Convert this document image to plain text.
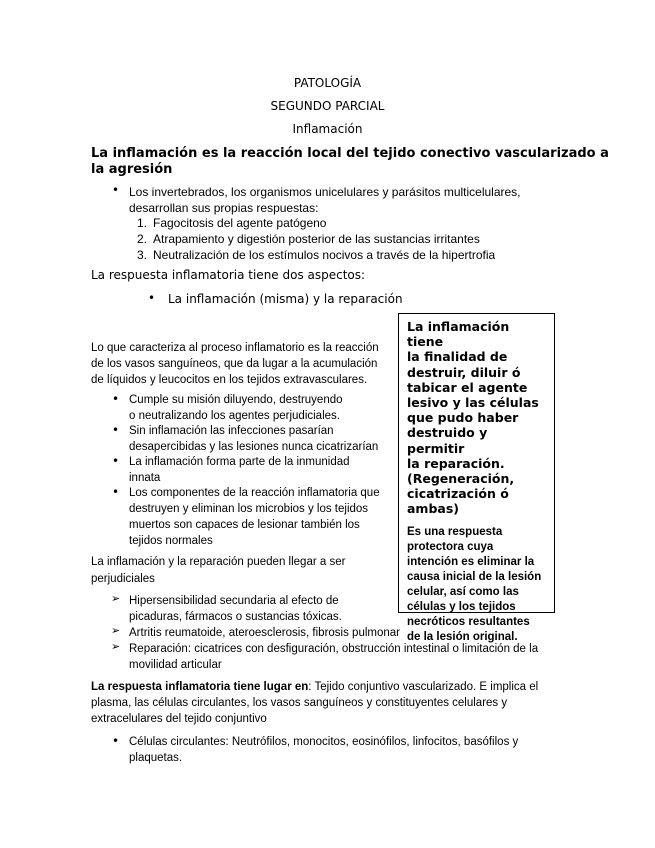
PATOLOGÍA
SEGUNDO PARCIAL
Inflamación
La inflamación es la reacción local del tejido conectivo vascularizado a
la agresión
• Los invertebrados, los organismos unicelulares y parásitos multicelulares,
desarrollan sus propias respuestas:
1. Fagocitosis del agente patógeno
2. Atrapamiento y digestión posterior de las sustancias irritantes
3. Neutralización de los estímulos nocivos a través de la hipertrofia
La respuesta inflamatoria tiene dos aspectos:
• La inflamación (misma) y la reparación
Lo que caracteriza al proceso inflamatorio es la reacción
de los vasos sanguíneos, que da lugar a la acumulación
de líquidos y leucocitos en los tejidos extravasculares.
• Cumple su misión diluyendo, destruyendo
o neutralizando los agentes perjudiciales.
• Sin inflamación las infecciones pasarían
desapercibidas y las lesiones nunca cicatrizarían
• La inflamación forma parte de la inmunidad
innata
• Los componentes de la reacción inflamatoria que
destruyen y eliminan los microbios y los tejidos
muertos son capaces de lesionar también los
tejidos normales
La inflamación y la reparación pueden llegar a ser
perjudiciales
➢ Hipersensibilidad secundaria al efecto de
picaduras, fármacos o sustancias tóxicas.
➢ Artritis reumatoide, ateroesclerosis, fibrosis pulmonar
➢ Reparación: cicatrices con desfiguración, obstrucción intestinal o limitación de la
movilidad articular
La respuesta inflamatoria tiene lugar en: Tejido conjuntivo vascularizado. E implica el
plasma, las células circulantes, los vasos sanguíneos y constituyentes celulares y
extracelulares del tejido conjuntivo
• Células circulantes: Neutrófilos, monocitos, eosinófilos, linfocitos, basófilos y
plaquetas.
La inflamación tiene
la finalidad de
destruir, diluir ó
tabicar el agente
lesivo y las células
que pudo haber
destruido y permitir
la reparación.
(Regeneración,
cicatrización ó
ambas)
Es una respuesta
protectora cuya
intención es eliminar la
causa inicial de la lesión
celular, así como las
células y los tejidos
necróticos resultantes
de la lesión original.
